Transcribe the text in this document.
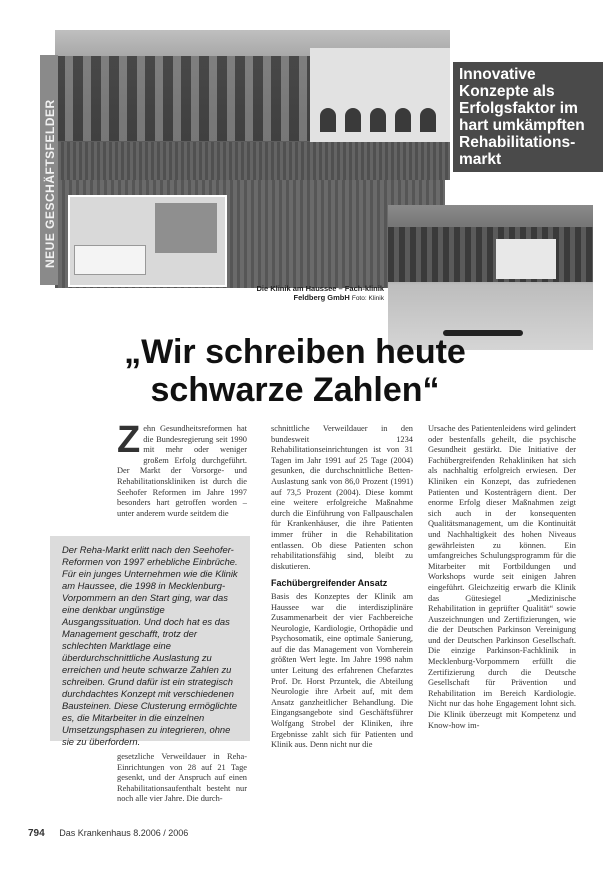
NEUE GESCHÄFTSFELDER
Innovative Konzepte als Erfolgsfaktor im hart umkämpften Rehabilitations-markt
Die Klinik am Haussee – Fach-klinik Feldberg GmbH Foto: Klinik
„Wir schreiben heute schwarze Zahlen“
Z ehn Gesundheitsreformen hat die Bundesregierung seit 1990 mit mehr oder weniger großem Erfolg durchgeführt. Der Markt der Vorsorge- und Rehabilitationskliniken ist durch die Seehofer Reformen im Jahre 1997 besonders hart getroffen worden – unter anderem wurde seitdem die
Der Reha-Markt erlitt nach den Seehofer-Reformen von 1997 erhebliche Einbrüche. Für ein junges Unternehmen wie die Klinik am Haussee, die 1998 in Mecklenburg-Vorpommern an den Start ging, war das eine denkbar ungünstige Ausgangssituation. Und doch hat es das Management geschafft, trotz der schlechten Marktlage eine überdurchschnittliche Auslastung zu erreichen und heute schwarze Zahlen zu schreiben. Grund dafür ist ein strategisch durchdachtes Konzept mit verschiedenen Bausteinen. Diese Clusterung ermöglichte es, die Mitarbeiter in die einzelnen Umsetzungsphasen zu integrieren, ohne sie zu überfordern.
gesetzliche Verweildauer in Reha-Einrichtungen von 28 auf 21 Tage gesenkt, und der Anspruch auf einen Rehabilitationsaufenthalt besteht nur noch alle vier Jahre. Die durch-
schnittliche Verweildauer in den bundesweit 1234 Rehabilitationseinrichtungen ist von 31 Tagen im Jahr 1991 auf 25 Tage (2004) gesunken, die durchschnittliche Betten-Auslastung sank von 86,0 Prozent (1991) auf 73,5 Prozent (2004). Diese kommt eine weitere erfolgreiche Maßnahme durch die Einführung von Fallpauschalen für Krankenhäuser, die ihre Patienten immer früher in die Rehabilitation entlassen. Ob diese Patienten schon rehabilitationsfähig sind, bleibt zu diskutieren.
Fachübergreifender Ansatz
Basis des Konzeptes der Klinik am Haussee war die interdisziplinäre Zusammenarbeit der vier Fachbereiche Neurologie, Kardiologie, Orthopädie und Psychosomatik, eine optimale Sanierung, auf die das Management von Vornherein größten Wert legte. Im Jahre 1998 nahm unter Leitung des erfahrenen Chefarztes Prof. Dr. Horst Przuntek, die Abteilung Neurologie ihre Arbeit auf, mit dem Ansatz ganzheitlicher Behandlung. Die Eingangsangebote sind Geschäftsführer Wolfgang Strobel der Kliniken, ihre Ergebnisse zahlt sich für Patienten und Klinik aus. Denn nicht nur die
Ursache des Patientenleidens wird gelindert oder bestenfalls geheilt, die psychische Gesundheit gestärkt. Die Initiative der Fachübergreifenden Rehakliniken hat sich als nachhaltig erfolgreich erwiesen. Der Kliniken ein Konzept, das zufriedenen Patienten und Kostenträgern dient. Der enorme Erfolg dieser Maßnahmen zeigt sich auch in der konsequenten Qualitätsmanagement, um die Kontinuität und Nachhaltigkeit des hohen Niveaus gewährleisten zu können. Ein umfangreiches Schulungsprogramm für die Mitarbeiter mit Fortbildungen und Workshops wurde seit einigen Jahren eingeführt. Gleichzeitig erwarb die Klinik das Gütesiegel „Medizinische Rehabilitation in geprüfter Qualität“ sowie Auszeichnungen und Zertifizierungen, wie die der Deutschen Parkinson Vereinigung und der Deutschen Parkinson Gesellschaft. Die einzige Parkinson-Fachklinik in Mecklenburg-Vorpommern erfüllt die Zertifizierung durch die Deutsche Gesellschaft für Prävention und Rehabilitation im Bereich Kardiologie. Nicht nur das hohe Engagement lohnt sich. Die Klinik überzeugt mit Kompetenz und Know-how im-
794 Das Krankenhaus 8.2006 / 2006
